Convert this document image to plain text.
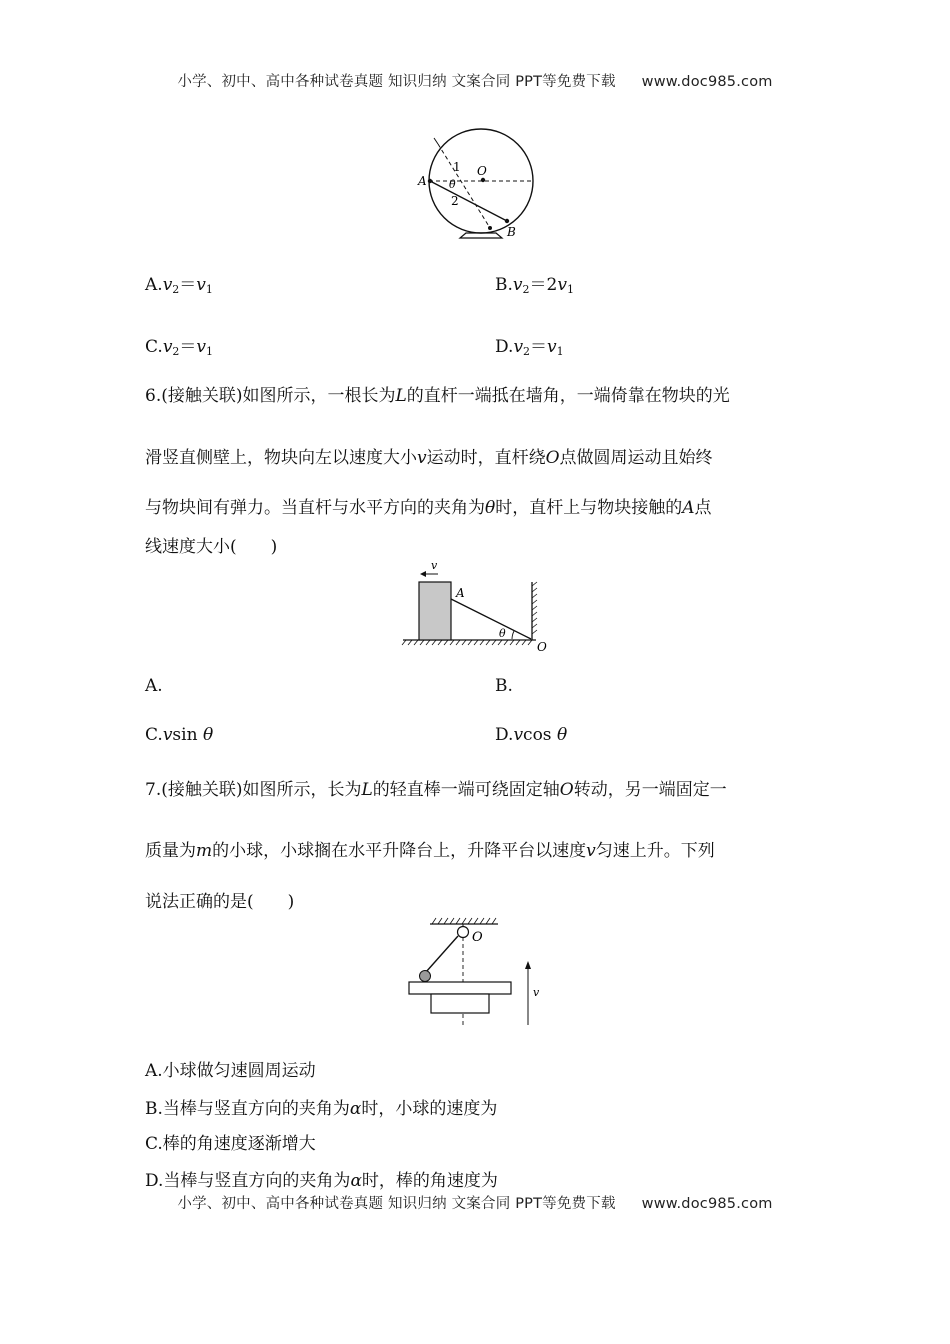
小学、初中、高中各种试卷真题 知识归纳 文案合同 PPT等免费下载 www.doc985.com
1 O
A θ
2
B
$A.v_2=v_1$	$B.v_2=2v_1$
$C.v_2=v_1$	$D.v_2=v_1$
6.(接触关联)如图所示，一根长为L的直杆一端抵在墙角，一端倚靠在物块的光
滑竖直侧壁上，物块向左以速度大小v运动时，直杆绕O点做圆周运动且始终
与物块间有弹力。当直杆与水平方向的夹角为θ时，直杆上与物块接触的A点
线速度大小(　　)
v
A
θ
O
A.	B.
C.vsin θ	D.vcos θ
7.(接触关联)如图所示，长为L的轻直棒一端可绕固定轴O转动，另一端固定一
质量为m的小球，小球搁在水平升降台上，升降平台以速度v匀速上升。下列
说法正确的是(　　)
O
v
A.小球做匀速圆周运动
B.当棒与竖直方向的夹角为α时，小球的速度为
C.棒的角速度逐渐增大
D.当棒与竖直方向的夹角为α时，棒的角速度为
小学、初中、高中各种试卷真题 知识归纳 文案合同 PPT等免费下载 www.doc985.com
